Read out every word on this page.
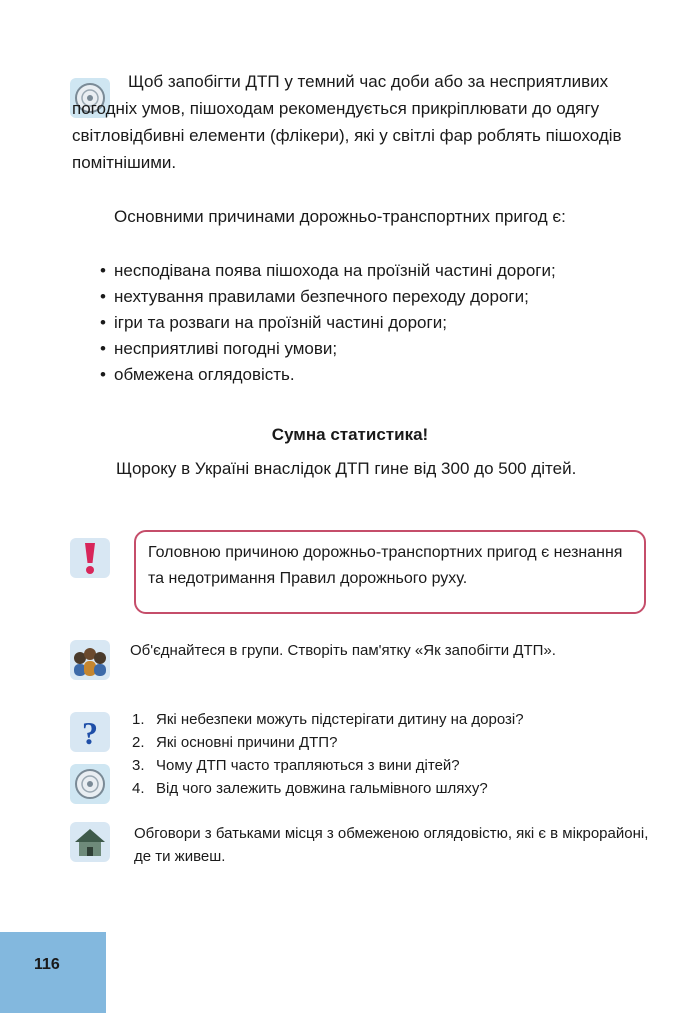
Щоб запобігти ДТП у темний час доби або за несприятливих погодніх умов, пішоходам рекомендується прикріплювати до одягу світловідбивні елементи (флікери), які у світлі фар роблять пішоходів помітнішими.

Основними причинами дорожньо-транспортних пригод є:

• несподівана поява пішохода на проїзній частині дороги;
• нехтування правилами безпечного переходу дороги;
• ігри та розваги на проїзній частині дороги;
• несприятливі погодні умови;
• обмежена оглядовість.
Сумна статистика!

Щороку в Україні внаслідок ДТП гине від 300 до 500 дітей.

Головною причиною дорожньо-транспортних пригод є незнання та недотримання Правил дорожнього руху.

Об'єднайтеся в групи. Створіть пам'ятку «Як запобігти ДТП».

? 1. Які небезпеки можуть підстерігати дитину на дорозі?
2. Які основні причини ДТП?
3. Чому ДТП часто трапляються з вини дітей?
4. Від чого залежить довжина гальмівного шляху?

Обговори з батьками місця з обмеженою оглядовістю, які є в мікрорайоні, де ти живеш.

116
